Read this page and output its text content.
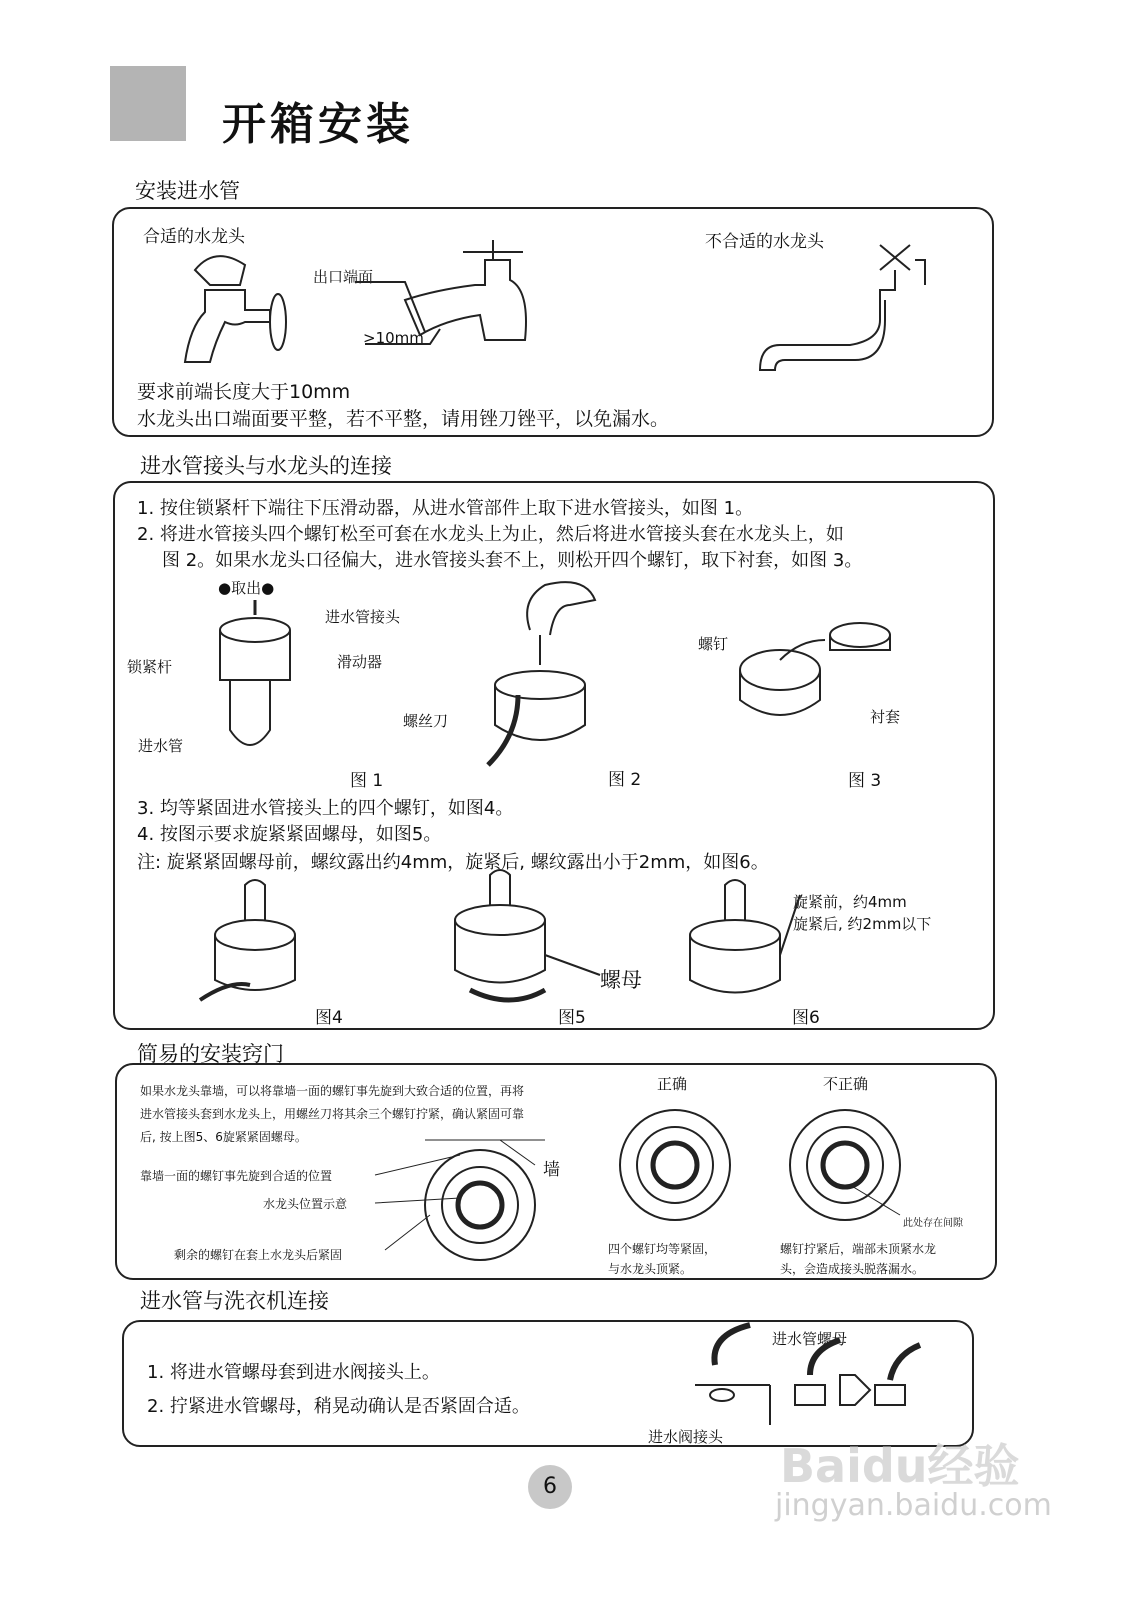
开箱安装
安装进水管
合适的水龙头
出口端面
>10mm
不合适的水龙头
要求前端长度大于10mm
水龙头出口端面要平整，若不平整，请用锉刀锉平，以免漏水。
进水管接头与水龙头的连接
1. 按住锁紧杆下端往下压滑动器，从进水管部件上取下进水管接头，如图 1。
2. 将进水管接头四个螺钉松至可套在水龙头上为止，然后将进水管接头套在水龙头上，如
图 2。如果水龙头口径偏大，进水管接头套不上，则松开四个螺钉，取下衬套，如图 3。
●取出●
进水管接头
锁紧杆	滑动器
进水管
螺丝刀
螺钉
衬套
图 1	图 2	图 3
3. 均等紧固进水管接头上的四个螺钉，如图4。
4. 按图示要求旋紧紧固螺母，如图5。
注: 旋紧紧固螺母前，螺纹露出约4mm，旋紧后, 螺纹露出小于2mm，如图6。
螺母
旋紧前，约4mm
旋紧后, 约2mm以下
图4	图5	图6
简易的安装窍门
如果水龙头靠墙，可以将靠墙一面的螺钉事先旋到大致合适的位置，再将
进水管接头套到水龙头上，用螺丝刀将其余三个螺钉拧紧，确认紧固可靠
后, 按上图5、6旋紧紧固螺母。
靠墙一面的螺钉事先旋到合适的位置
水龙头位置示意
剩余的螺钉在套上水龙头后紧固
墙
正确	不正确
此处存在间隙
四个螺钉均等紧固，
与水龙头顶紧。
螺钉拧紧后，端部未顶紧水龙
头，会造成接头脱落漏水。
进水管与洗衣机连接
1. 将进水管螺母套到进水阀接头上。
2. 拧紧进水管螺母，稍晃动确认是否紧固合适。
进水管螺母
进水阀接头
6	Baidu经验
jingyan.baidu.com
